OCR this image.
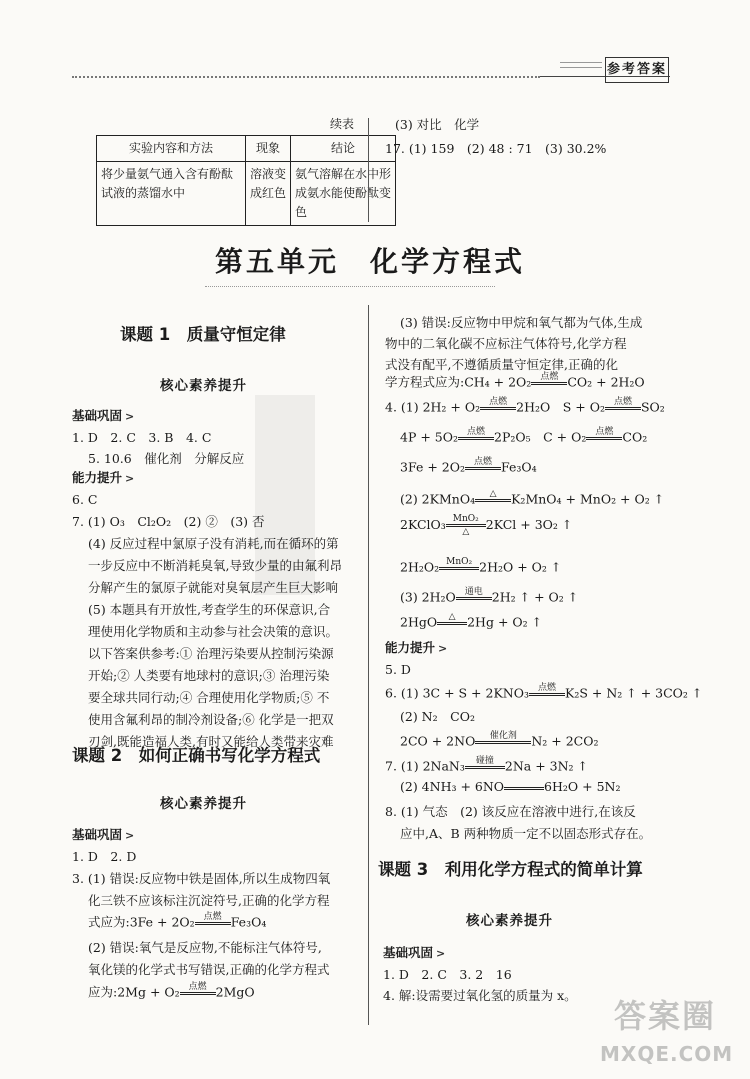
参考答案
续表
实验内容和方法	现象	结论
将少量氨气通入含有酚酞试液的蒸馏水中	溶液变成红色	氨气溶解在水中形成氨水能使酚酞变色
(3) 对比　化学
17. (1) 159　(2) 48 : 71　(3) 30.2%
第五单元　化学方程式
课题 1　质量守恒定律
核心素养提升
基础巩固 >
1. D　2. C　3. B　4. C
5. 10.6　催化剂　分解反应
能力提升 >
6. C
7. (1) O₃　Cl₂O₂　(2) ②　(3) 否
(4) 反应过程中氯原子没有消耗,而在循环的第
一步反应中不断消耗臭氧,导致少量的由氟利昂
分解产生的氯原子就能对臭氧层产生巨大影响
(5) 本题具有开放性,考查学生的环保意识,合
理使用化学物质和主动参与社会决策的意识。
以下答案供参考:① 治理污染要从控制污染源
开始;② 人类要有地球村的意识;③ 治理污染
要全球共同行动;④ 合理使用化学物质;⑤ 不
使用含氟利昂的制冷剂设备;⑥ 化学是一把双
刃剑,既能造福人类,有时又能给人类带来灾难
课题 2　如何正确书写化学方程式
核心素养提升
基础巩固 >
1. D　2. D
3. (1) 错误:反应物中铁是固体,所以生成物四氧
化三铁不应该标注沉淀符号,正确的化学方程
式应为:3Fe + 2O₂ 点燃 Fe₃O₄
(2) 错误:氧气是反应物,不能标注气体符号,
氧化镁的化学式书写错误,正确的化学方程式
应为:2Mg + O₂ 点燃 2MgO
(3) 错误:反应物中甲烷和氧气都为气体,生成
物中的二氧化碳不应标注气体符号,化学方程
式没有配平,不遵循质量守恒定律,正确的化
学方程式应为:CH₄ + 2O₂ 点燃 CO₂ + 2H₂O
4. (1) 2H₂ + O₂ 点燃 2H₂O　S + O₂ 点燃 SO₂
4P + 5O₂ 点燃 2P₂O₅　C + O₂ 点燃 CO₂
3Fe + 2O₂ 点燃 Fe₃O₄
(2) 2KMnO₄	△	K₂MnO₄ + MnO₂ + O₂ ↑
2KClO₃ MnO₂
△	2KCl + 3O₂ ↑
2H₂O₂ MnO₂ 2H₂O + O₂ ↑
(3) 2H₂O 通电 2H₂ ↑ + O₂ ↑
2HgO	△ 2Hg + O₂ ↑
能力提升 >
5. D
6. (1) 3C + S + 2KNO₃ 点燃 K₂S + N₂ ↑ + 3CO₂ ↑
(2) N₂　CO₂
2CO + 2NO	催化剂	N₂ + 2CO₂
7. (1) 2NaN₃	碰撞 2Na + 3N₂ ↑
(2) 4NH₃ + 6NO	6H₂O + 5N₂
8. (1) 气态　(2) 该反应在溶液中进行,在该反
应中,A、B 两种物质一定不以固态形式存在。
课题 3　利用化学方程式的简单计算
核心素养提升
基础巩固 >
1. D　2. C　3. 2　16
4. 解:设需要过氧化氢的质量为 x。
答案圈
MXQE.COM
